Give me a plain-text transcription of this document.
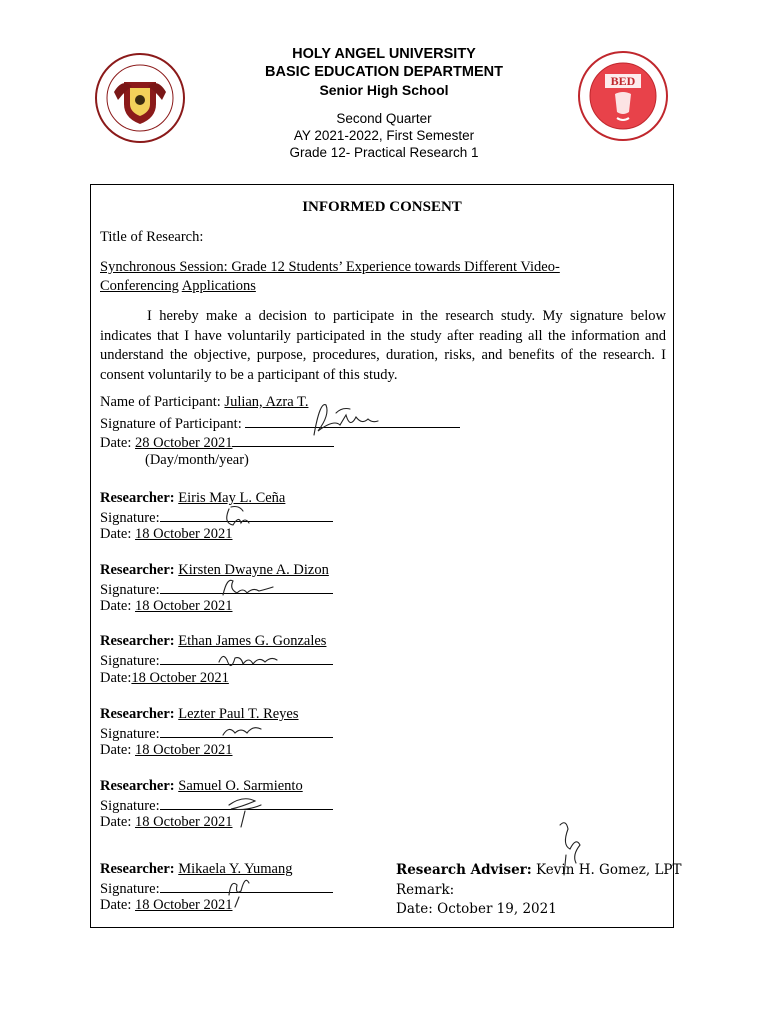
BED
HOLY ANGEL UNIVERSITY
BASIC EDUCATION DEPARTMENT
Senior High School
Second Quarter
AY 2021-2022, First Semester
Grade 12- Practical Research 1
INFORMED CONSENT
Title of Research:
Synchronous Session: Grade 12 Students’ Experience towards Different Video-
Conferencing Applications
I hereby make a decision to participate in the research study. My signature below indicates that I have voluntarily participated in the study after reading all the information and understand the objective, purpose, procedures, duration, risks, and benefits of the research. I consent voluntarily to be a participant of this study.
Name of Participant: Julian, Azra T.
Signature of Participant:
Date: 28 October 2021
(Day/month/year)
Researcher: Eiris May L. Ceña
Signature:
Date: 18 October 2021
Researcher: Kirsten Dwayne A. Dizon
Signature:
Date: 18 October 2021
Researcher: Ethan James G. Gonzales
Signature:
Date:18 October 2021
Researcher: Lezter Paul T. Reyes
Signature:
Date: 18 October 2021
Researcher: Samuel O. Sarmiento
Signature:
Date: 18 October 2021
Researcher: Mikaela Y. Yumang
Signature:
Date: 18 October 2021
Research Adviser: Kevin H. Gomez, LPT
Remark:
Date: October 19, 2021
